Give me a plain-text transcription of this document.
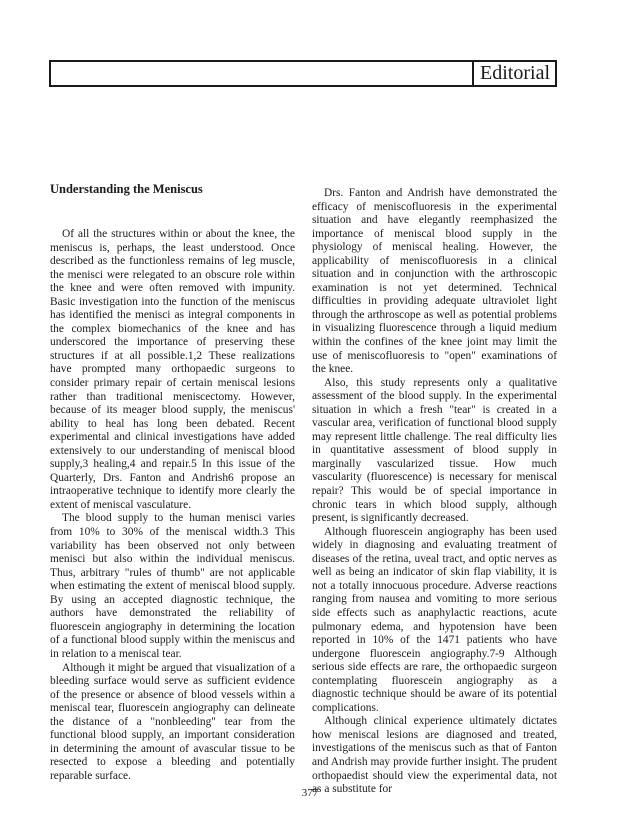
Editorial
Understanding the Meniscus

Of all the structures within or about the knee, the meniscus is, perhaps, the least understood. Once described as the functionless remains of leg muscle, the menisci were relegated to an obscure role within the knee and were often removed with impunity. Basic investigation into the function of the meniscus has identified the menisci as integral components in the complex biomechanics of the knee and has underscored the importance of preserving these structures if at all possible.1,2 These realizations have prompted many orthopaedic surgeons to consider primary repair of certain meniscal lesions rather than traditional meniscectomy. However, because of its meager blood supply, the meniscus' ability to heal has long been debated. Recent experimental and clinical investigations have added extensively to our understanding of meniscal blood supply,3 healing,4 and repair.5 In this issue of the Quarterly, Drs. Fanton and Andrish6 propose an intraoperative technique to identify more clearly the extent of meniscal vasculature.

The blood supply to the human menisci varies from 10% to 30% of the meniscal width.3 This variability has been observed not only between menisci but also within the individual meniscus. Thus, arbitrary "rules of thumb" are not applicable when estimating the extent of meniscal blood supply. By using an accepted diagnostic technique, the authors have demonstrated the reliability of fluorescein angiography in determining the location of a functional blood supply within the meniscus and in relation to a meniscal tear.

Although it might be argued that visualization of a bleeding surface would serve as sufficient evidence of the presence or absence of blood vessels within a meniscal tear, fluorescein angiography can delineate the distance of a "nonbleeding" tear from the functional blood supply, an important consideration in determining the amount of avascular tissue to be resected to expose a bleeding and potentially reparable surface.

Drs. Fanton and Andrish have demonstrated the efficacy of meniscofluoresis in the experimental situation and have elegantly reemphasized the importance of meniscal blood supply in the physiology of meniscal healing. However, the applicability of meniscofluoresis in a clinical situation and in conjunction with the arthroscopic examination is not yet determined. Technical difficulties in providing adequate ultraviolet light through the arthroscope as well as potential problems in visualizing fluorescence through a liquid medium within the confines of the knee joint may limit the use of meniscofluoresis to "open" examinations of the knee.

Also, this study represents only a qualitative assessment of the blood supply. In the experimental situation in which a fresh "tear" is created in a vascular area, verification of functional blood supply may represent little challenge. The real difficulty lies in quantitative assessment of blood supply in marginally vascularized tissue. How much vascularity (fluorescence) is necessary for meniscal repair? This would be of special importance in chronic tears in which blood supply, although present, is significantly decreased.

Although fluorescein angiography has been used widely in diagnosing and evaluating treatment of diseases of the retina, uveal tract, and optic nerves as well as being an indicator of skin flap viability, it is not a totally innocuous procedure. Adverse reactions ranging from nausea and vomiting to more serious side effects such as anaphylactic reactions, acute pulmonary edema, and hypotension have been reported in 10% of the 1471 patients who have undergone fluorescein angiography.7-9 Although serious side effects are rare, the orthopaedic surgeon contemplating fluorescein angiography as a diagnostic technique should be aware of its potential complications.

Although clinical experience ultimately dictates how meniscal lesions are diagnosed and treated, investigations of the meniscus such as that of Fanton and Andrish may provide further insight. The prudent orthopaedist should view the experimental data, not as a substitute for

377
